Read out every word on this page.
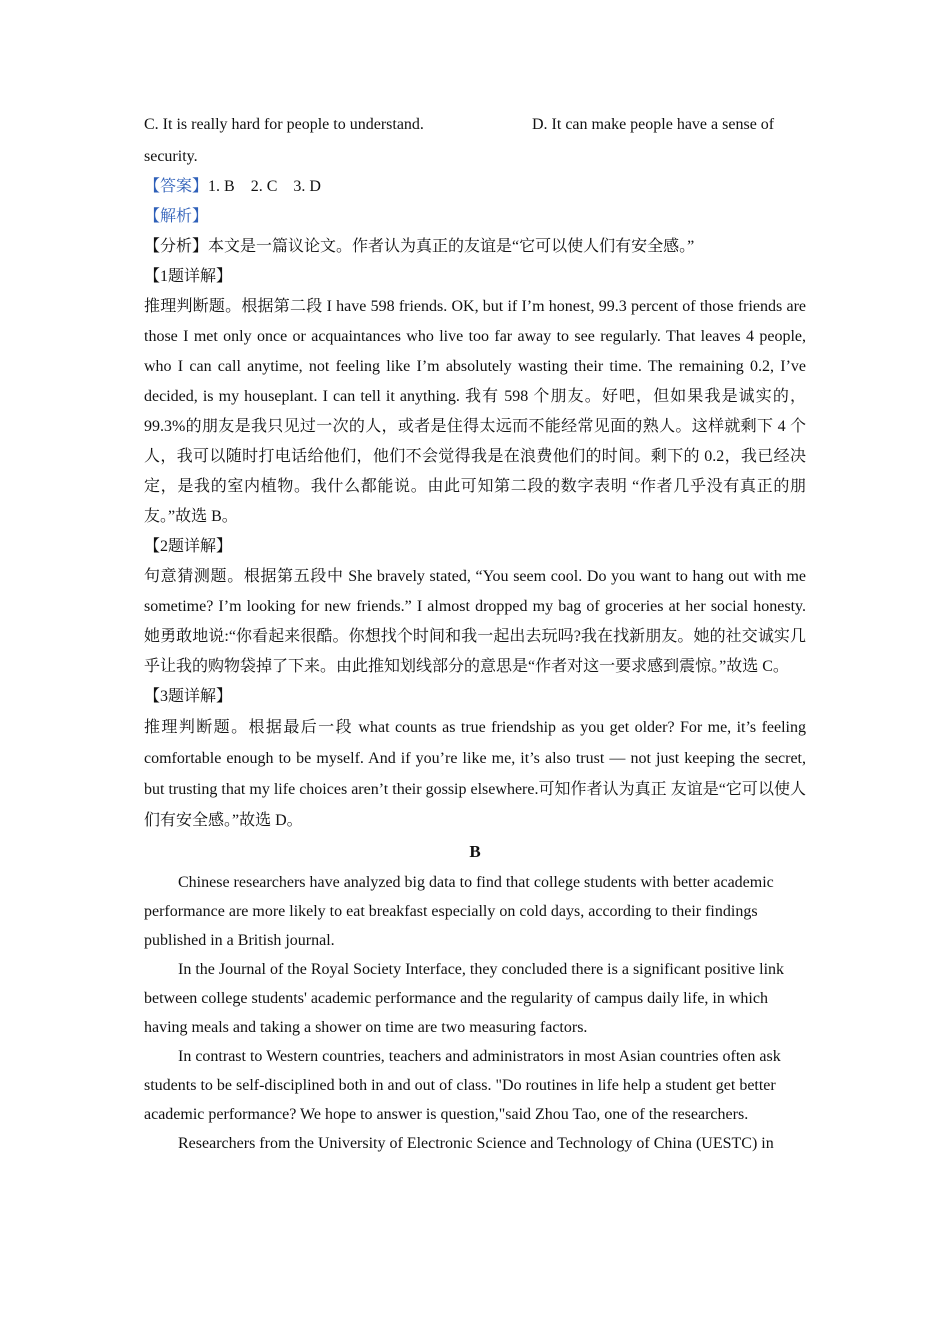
C. It is really hard for people to understand.	D. It can make people have a sense of

security.

【答案】1. B    2. C    3. D

【解析】

【分析】本文是一篇议论文。作者认为真正的友谊是“它可以使人们有安全感。”

【1题详解】

推理判断题。根据第二段 I have 598 friends. OK, but if I’m honest, 99.3 percent of those friends are those I met only once or acquaintances who live too far away to see regularly. That leaves 4 people, who I can call anytime, not feeling like I’m absolutely wasting their time. The remaining 0.2, I’ve decided, is my houseplant. I can tell it anything. 我有 598 个朋友。好吧，但如果我是诚实的，99.3%的朋友是我只见过一次的人，或者是住得太远而不能经常见面的熟人。这样就剩下 4 个人，我可以随时打电话给他们，他们不会觉得我是在浪费他们的时间。剩下的 0.2，我已经决定，是我的室内植物。我什么都能说。由此可知第二段的数字表明 “作者几乎没有真正的朋友。”故选 B。

【2题详解】

句意猜测题。根据第五段中 She bravely stated, “You seem cool. Do you want to hang out with me sometime? I’m looking for new friends.” I almost dropped my bag of groceries at her social honesty. 她勇敢地说:“你看起来很酷。你想找个时间和我一起出去玩吗?我在找新朋友。她的社交诚实几乎让我的购物袋掉了下来。由此推知划线部分的意思是“作者对这一要求感到震惊。”故选 C。

【3题详解】

推理判断题。根据最后一段 what counts as true friendship as you get older? For me, it’s feeling comfortable enough to be myself. And if you’re like me, it’s also trust — not just keeping the secret, but trusting that my life choices aren’t their gossip elsewhere.可知作者认为真正 友谊是“它可以使人们有安全感。”故选 D。

B

Chinese researchers have analyzed big data to find that college students with better academic performance are more likely to eat breakfast especially on cold days, according to their findings published in a British journal.

In the Journal of the Royal Society Interface, they concluded there is a significant positive link between college students' academic performance and the regularity of campus daily life, in which having meals and taking a shower on time are two measuring factors.

In contrast to Western countries, teachers and administrators in most Asian countries often ask students to be self-disciplined both in and out of class. "Do routines in life help a student get better academic performance? We hope to answer is question,"said Zhou Tao, one of the researchers.

Researchers from the University of Electronic Science and Technology of China (UESTC) in
